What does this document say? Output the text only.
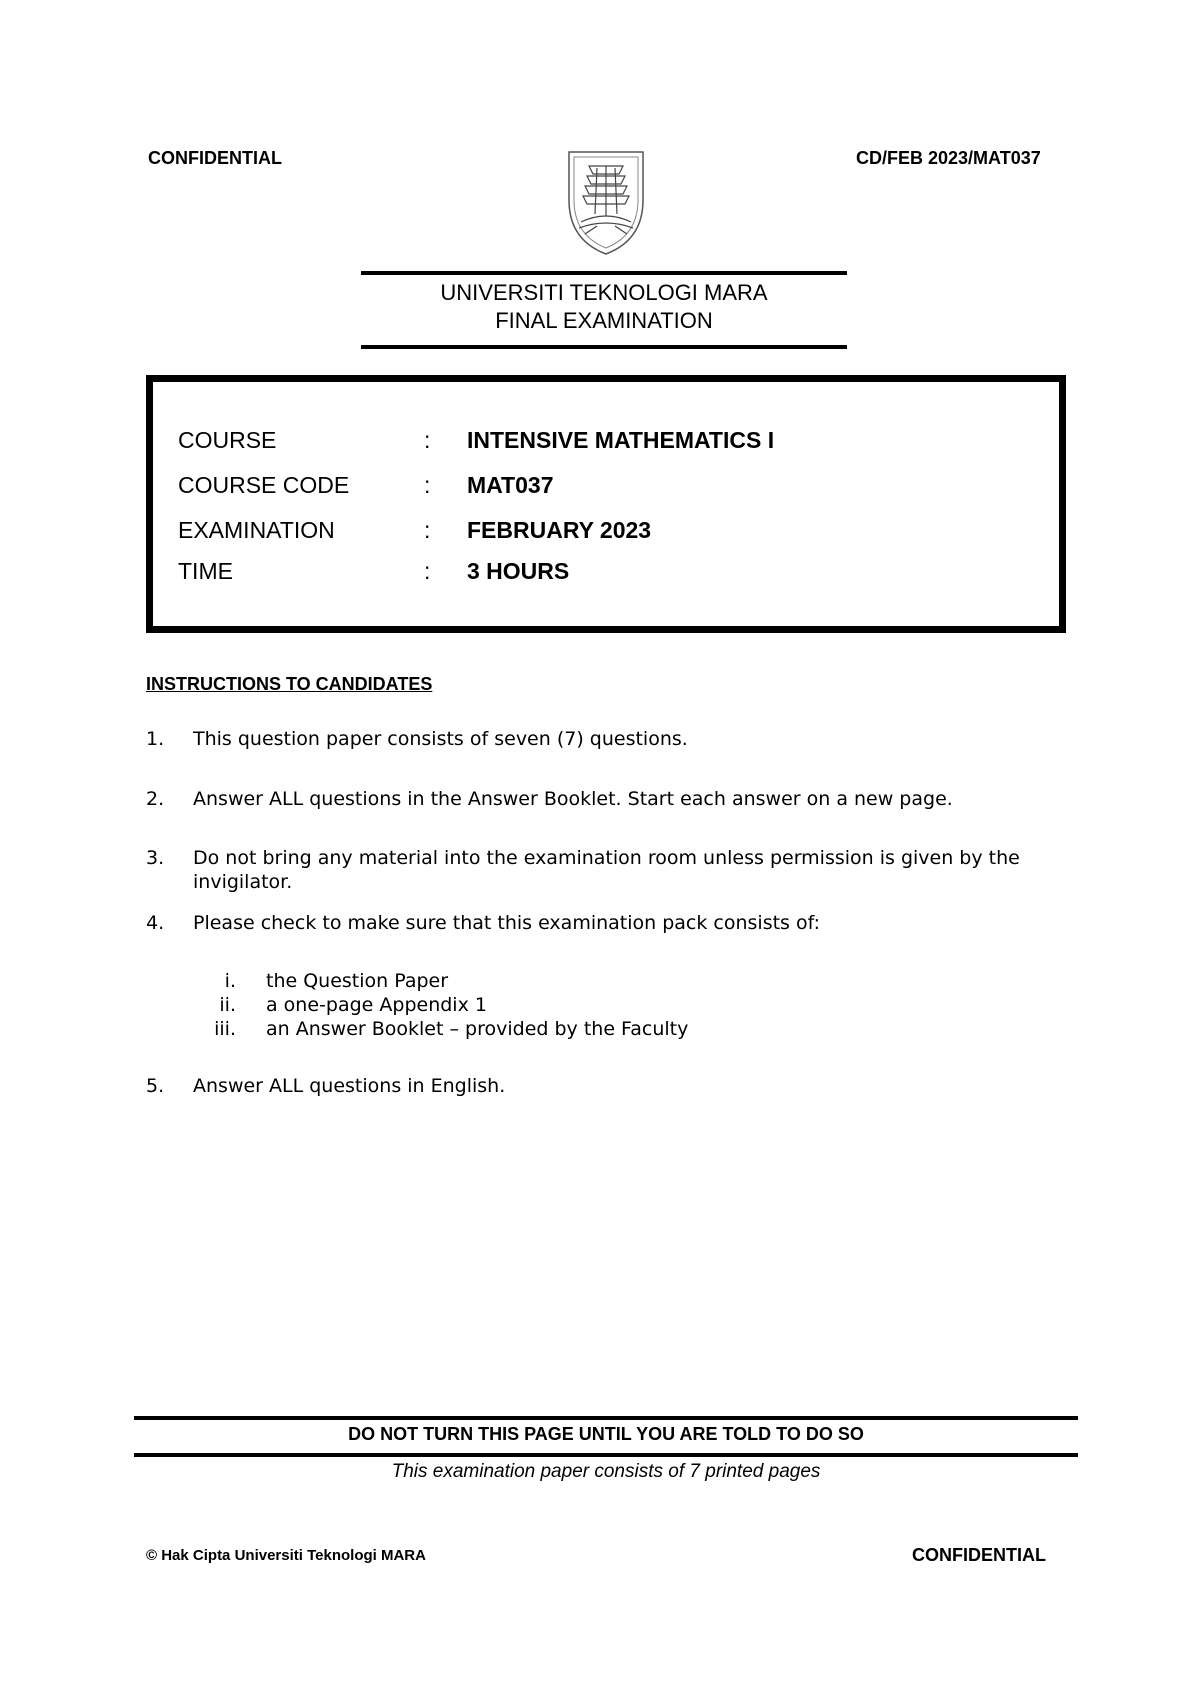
CONFIDENTIAL	CD/FEB 2023/MAT037
UNIVERSITI TEKNOLOGI MARA
FINAL EXAMINATION
COURSE	: INTENSIVE MATHEMATICS I
COURSE CODE	: MAT037
EXAMINATION	: FEBRUARY 2023
TIME	: 3 HOURS
INSTRUCTIONS TO CANDIDATES
1. This question paper consists of seven (7) questions.
2. Answer ALL questions in the Answer Booklet. Start each answer on a new page.
3. Do not bring any material into the examination room unless permission is given by the invigilator.
4. Please check to make sure that this examination pack consists of:
i. the Question Paper
ii. a one-page Appendix 1
iii. an Answer Booklet – provided by the Faculty
5. Answer ALL questions in English.
DO NOT TURN THIS PAGE UNTIL YOU ARE TOLD TO DO SO
This examination paper consists of 7 printed pages
© Hak Cipta Universiti Teknologi MARA	CONFIDENTIAL
